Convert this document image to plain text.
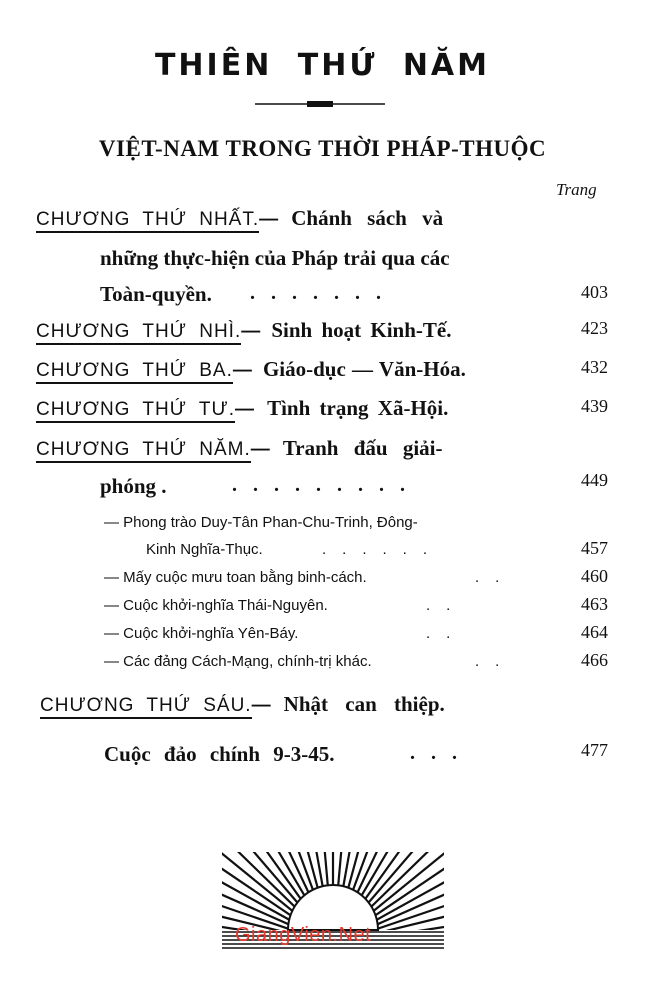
THIÊN THỨ NĂM
VIỆT-NAM TRONG THỜI PHÁP-THUỘC
Trang
CHƯƠNG THỨ NHẤT.— Chánh sách và
những thực-hiện của Pháp trải qua các
Toàn-quyền. .......	403
CHƯƠNG THỨ NHÌ.— Sinh hoạt Kinh-Tế.	423
CHƯƠNG THỨ BA.— Giáo-dục — Văn-Hóa.	432
CHƯƠNG THỨ TƯ.— Tình trạng Xã-Hội.	439
CHƯƠNG THỨ NĂM.— Tranh đấu giải-
phóng .	.........	449
— Phong trào Duy-Tân Phan-Chu-Trinh, Đông-
Kinh Nghĩa-Thục.	......	457
— Mấy cuộc mưu toan bằng binh-cách.	..	460
— Cuộc khởi-nghĩa Thái-Nguyên.	..	463
— Cuộc khởi-nghĩa Yên-Báy.	..	464
— Các đảng Cách-Mạng, chính-trị khác.	..	466
CHƯƠNG THỨ SÁU.— Nhật can thiệp.
Cuộc đảo chính 9-3-45.	...	477
GiangVien.Net
